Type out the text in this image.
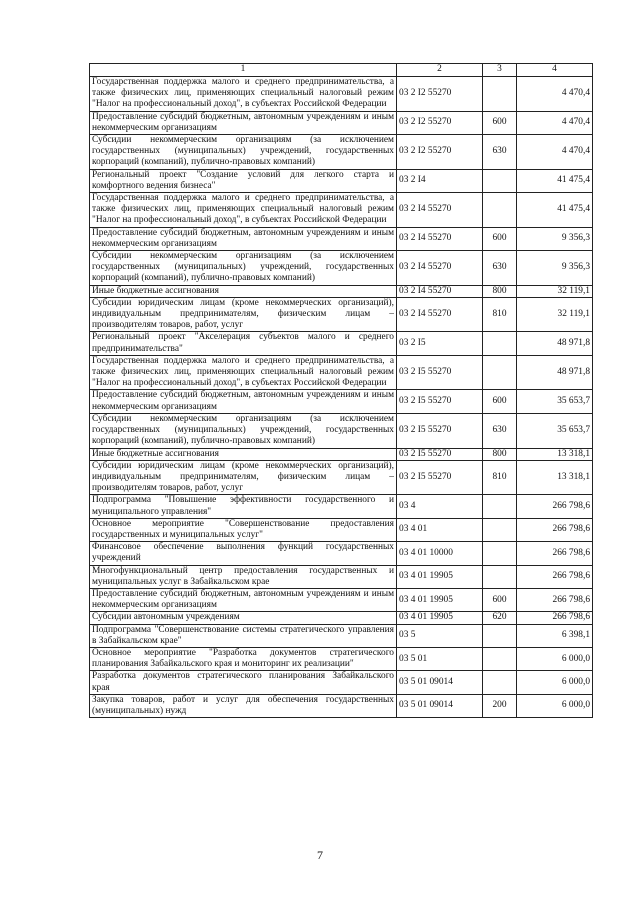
1	2	3	4
Государственная поддержка малого и среднего предпринимательства, а также физических лиц, применяющих специальный налоговый режим "Налог на профессиональный доход", в субъектах Российской Федерации	03 2 I2 55270		4 470,4
Предоставление субсидий бюджетным, автономным учреждениям и иным некоммерческим организациям	03 2 I2 55270	600	4 470,4
Субсидии некоммерческим организациям (за исключением государственных (муниципальных) учреждений, государственных корпораций (компаний), публично-правовых компаний)	03 2 I2 55270	630	4 470,4
Региональный проект "Создание условий для легкого старта и комфортного ведения бизнеса"	03 2 I4		41 475,4
Государственная поддержка малого и среднего предпринимательства, а также физических лиц, применяющих специальный налоговый режим "Налог на профессиональный доход", в субъектах Российской Федерации	03 2 I4 55270		41 475,4
Предоставление субсидий бюджетным, автономным учреждениям и иным некоммерческим организациям	03 2 I4 55270	600	9 356,3
Субсидии некоммерческим организациям (за исключением государственных (муниципальных) учреждений, государственных корпораций (компаний), публично-правовых компаний)	03 2 I4 55270	630	9 356,3
Иные бюджетные ассигнования	03 2 I4 55270	800	32 119,1
Субсидии юридическим лицам (кроме некоммерческих организаций), индивидуальным предпринимателям, физическим лицам – производителям товаров, работ, услуг	03 2 I4 55270	810	32 119,1
Региональный проект "Акселерация субъектов малого и среднего предпринимательства"	03 2 I5		48 971,8
Государственная поддержка малого и среднего предпринимательства, а также физических лиц, применяющих специальный налоговый режим "Налог на профессиональный доход", в субъектах Российской Федерации	03 2 I5 55270		48 971,8
Предоставление субсидий бюджетным, автономным учреждениям и иным некоммерческим организациям	03 2 I5 55270	600	35 653,7
Субсидии некоммерческим организациям (за исключением государственных (муниципальных) учреждений, государственных корпораций (компаний), публично-правовых компаний)	03 2 I5 55270	630	35 653,7
Иные бюджетные ассигнования	03 2 I5 55270	800	13 318,1
Субсидии юридическим лицам (кроме некоммерческих организаций), индивидуальным предпринимателям, физическим лицам – производителям товаров, работ, услуг	03 2 I5 55270	810	13 318,1
Подпрограмма "Повышение эффективности государственного и муниципального управления"	03 4		266 798,6
Основное мероприятие "Совершенствование предоставления государственных и муниципальных услуг"	03 4 01		266 798,6
Финансовое обеспечение выполнения функций государственных учреждений	03 4 01 10000		266 798,6
Многофункциональный центр предоставления государственных и муниципальных услуг в Забайкальском крае	03 4 01 19905		266 798,6
Предоставление субсидий бюджетным, автономным учреждениям и иным некоммерческим организациям	03 4 01 19905	600	266 798,6
Субсидии автономным учреждениям	03 4 01 19905	620	266 798,6
Подпрограмма "Совершенствование системы стратегического управления в Забайкальском крае"	03 5		6 398,1
Основное мероприятие "Разработка документов стратегического планирования Забайкальского края и мониторинг их реализации"	03 5 01		6 000,0
Разработка документов стратегического планирования Забайкальского края	03 5 01 09014		6 000,0
Закупка товаров, работ и услуг для обеспечения государственных (муниципальных) нужд	03 5 01 09014	200	6 000,0
7
